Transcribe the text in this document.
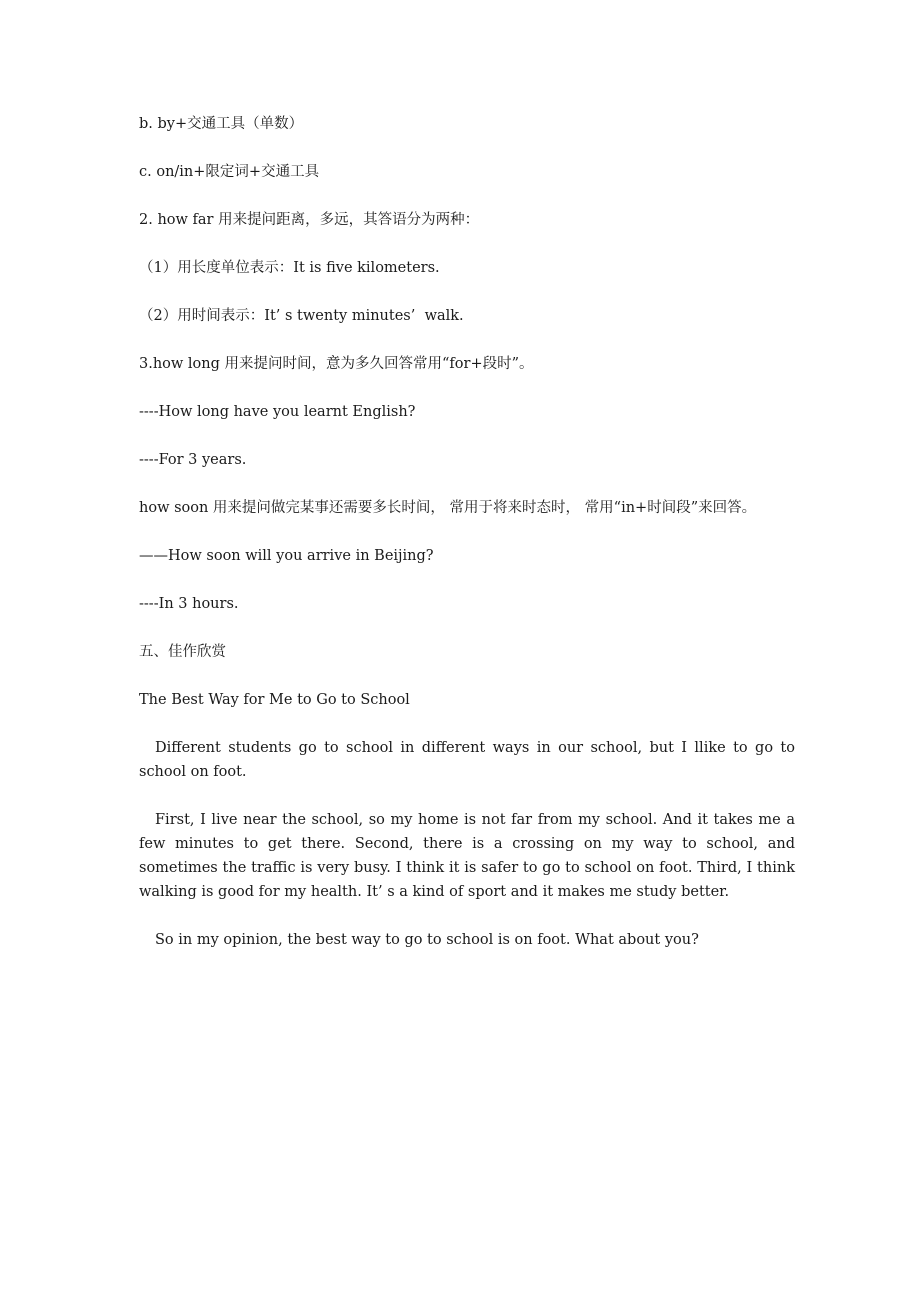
b. by+交通工具（单数）
c. on/in+限定词+交通工具
2. how far 用来提问距离，多远，其答语分为两种：
（1）用长度单位表示：It is five kilometers.
（2）用时间表示：It’ s twenty minutes’  walk.
3.how long 用来提问时间，意为多久回答常用“for+段时”。
----How long have you learnt English?
----For 3 years.
how soon 用来提问做完某事还需要多长时间， 常用于将来时态时， 常用“in+时间段”来回答。
——How soon will you arrive in Beijing?
----In 3 hours.
五、佳作欣赏
The Best Way for Me to Go to School
Different students go to school in different ways in our school, but I llike to go to school on foot.
First, I live near the school, so my home is not far from my school. And it takes me a few minutes to get there. Second, there is a crossing on my way to school, and sometimes the traffic is very busy. I think it is safer to go to school on foot. Third, I think walking is good for my health. It’ s a kind of sport and it makes me study better.
So in my opinion, the best way to go to school is on foot. What about you?
